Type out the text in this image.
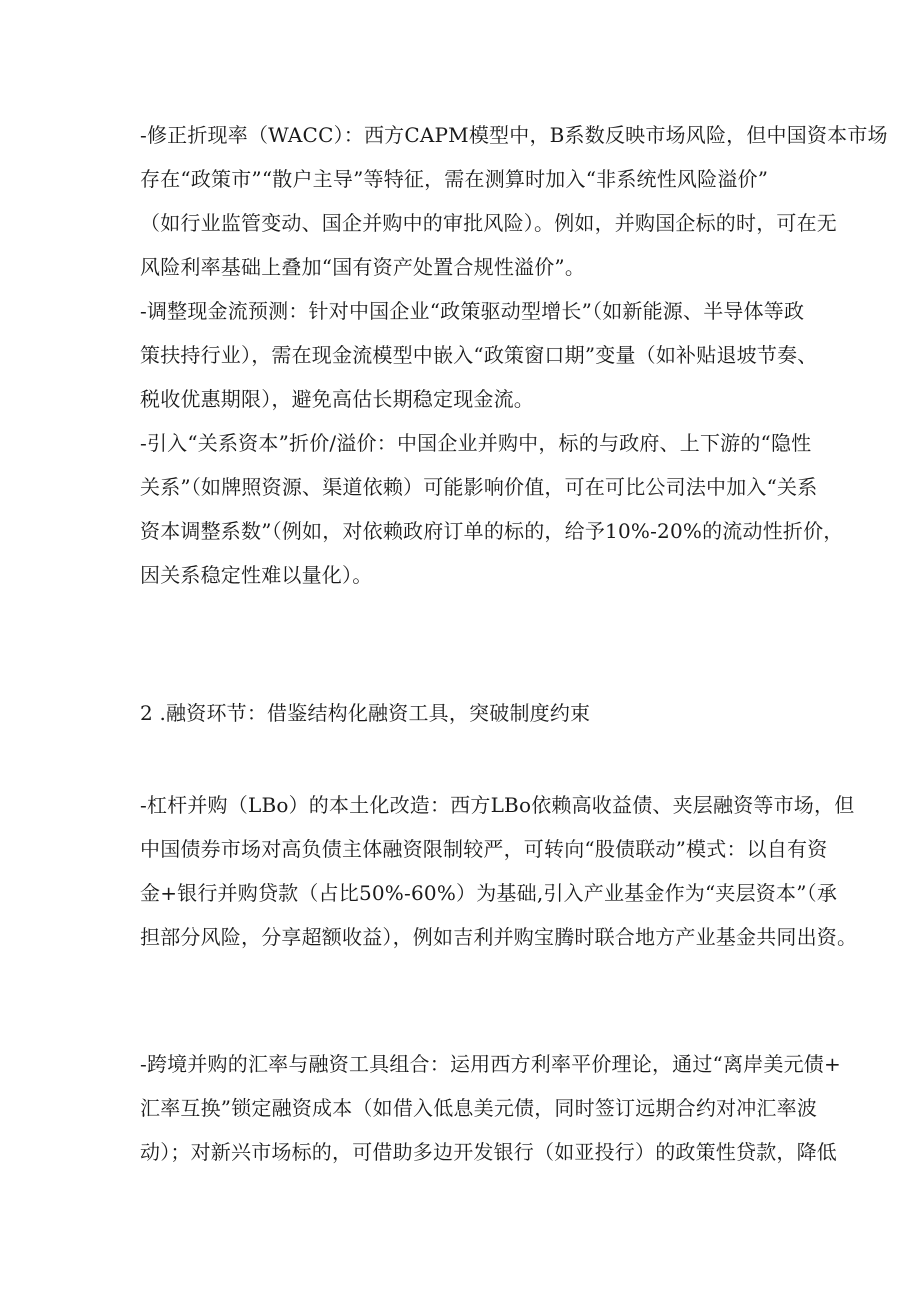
-修正折现率（WACC）：西方CAPM模型中，B系数反映市场风险，但中国资本市场
存在“政策市”“散户主导”等特征，需在测算时加入“非系统性风险溢价”
（如行业监管变动、国企并购中的审批风险）。例如，并购国企标的时，可在无
风险利率基础上叠加“国有资产处置合规性溢价”。
-调整现金流预测：针对中国企业“政策驱动型增长”（如新能源、半导体等政
策扶持行业），需在现金流模型中嵌入“政策窗口期”变量（如补贴退坡节奏、
税收优惠期限），避免高估长期稳定现金流。
-引入“关系资本”折价/溢价：中国企业并购中，标的与政府、上下游的“隐性
关系”（如牌照资源、渠道依赖）可能影响价值，可在可比公司法中加入“关系
资本调整系数”（例如，对依赖政府订单的标的，给予10%-20%的流动性折价，
因关系稳定性难以量化）。
2 .融资环节：借鉴结构化融资工具，突破制度约束
-杠杆并购（LBo）的本土化改造：西方LBo依赖高收益债、夹层融资等市场，但
中国债券市场对高负债主体融资限制较严，可转向“股债联动”模式：以自有资
金+银行并购贷款（占比50%-60%）为基础,引入产业基金作为“夹层资本”（承
担部分风险，分享超额收益），例如吉利并购宝腾时联合地方产业基金共同出资。
-跨境并购的汇率与融资工具组合：运用西方利率平价理论，通过“离岸美元债+
汇率互换”锁定融资成本（如借入低息美元债，同时签订远期合约对冲汇率波
动）；对新兴市场标的，可借助多边开发银行（如亚投行）的政策性贷款，降低
